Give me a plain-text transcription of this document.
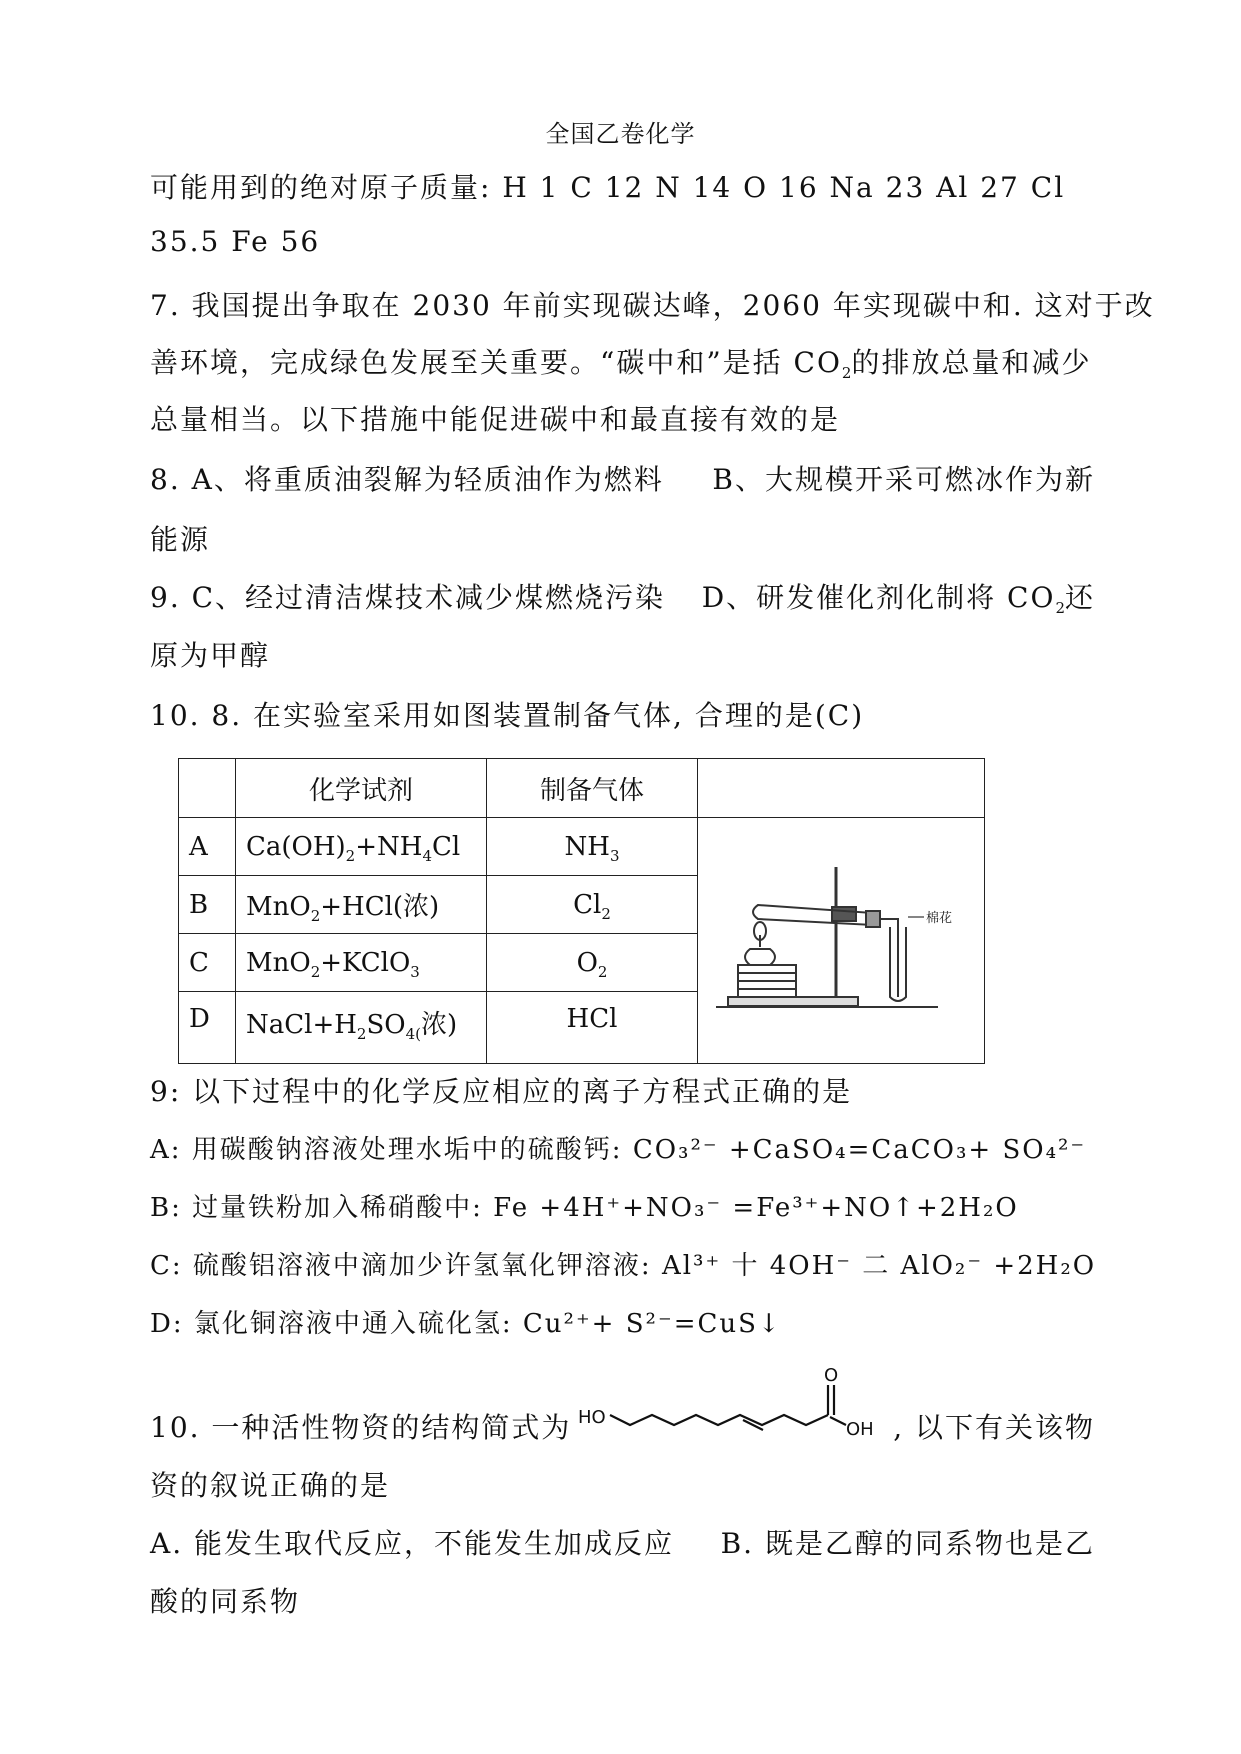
全国乙卷化学
可能用到的绝对原子质量: H 1 C 12 N 14 O 16 Na 23 Al 27 Cl
35.5 Fe 56
7. 我国提出争取在 2030 年前实现碳达峰，2060 年实现碳中和. 这对于改
善环境，完成绿色发展至关重要。“碳中和”是括 $CO_2$的排放总量和减少
总量相当。以下措施中能促进碳中和最直接有效的是
8. A、将重质油裂解为轻质油作为燃料 B、大规模开采可燃冰作为新
能源
9. C、经过清洁煤技术减少煤燃烧污染 D、研发催化剂化制将 $CO_2$还
原为甲醇
10. 8. 在实验室采用如图装置制备气体, 合理的是(C)
	化学试剂	制备气体	
A	$Ca(OH)_2+NH_4Cl$	$NH_3$	棉花

B	MnO$_2$+HCl(浓)	$Cl_2$
C	MnO$_2$+KClO$_3$	$O_2$
D	$NaCl+H_2SO_{4(}$浓)	HCl	
9: 以下过程中的化学反应相应的离子方程式正确的是
A: 用碳酸钠溶液处理水垢中的硫酸钙: CO₃²⁻ +CaSO₄=CaCO₃+ SO₄²⁻
B: 过量铁粉加入稀硝酸中: Fe +4H⁺+NO₃⁻ =Fe³⁺+NO↑+2H₂O
C: 硫酸铝溶液中滴加少许氢氧化钾溶液: Al³⁺ 十 4OH⁻ 二 AlO₂⁻ +2H₂O
D: 氯化铜溶液中通入硫化氢: Cu²⁺+ S²⁻=CuS↓
10. 一种活性物资的结构简式为	, 以下有关该物
HO
O
OH
资的叙说正确的是
A. 能发生取代反应，不能发生加成反应 B. 既是乙醇的同系物也是乙
酸的同系物
